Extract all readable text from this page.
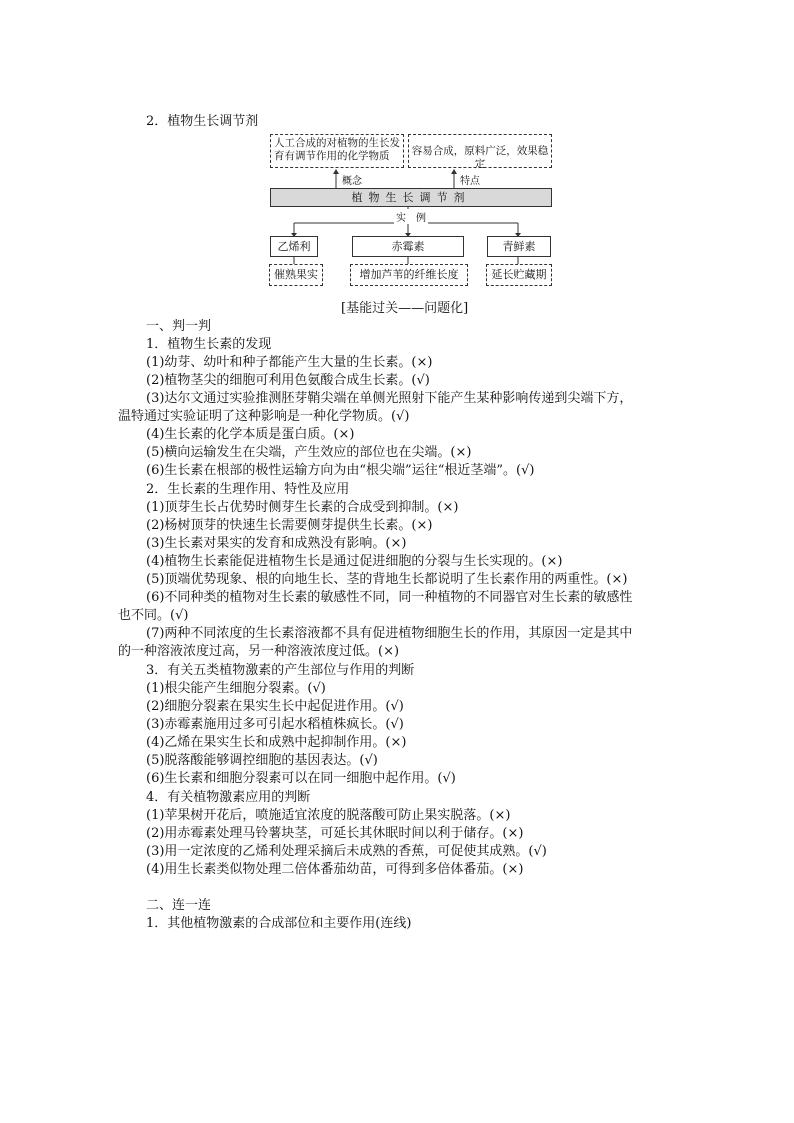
2．植物生长调节剂
人工合成的对植物的生长发
育有调节作用的化学物质	容易合成，原料广泛，效果稳定
概念	特点
植物生长调节剂
实　例
乙烯利	赤霉素	青鲜素
催熟果实	增加芦苇的纤维长度	延长贮藏期
[基能过关——问题化]
一、判一判
1．植物生长素的发现
(1)幼芽、幼叶和种子都能产生大量的生长素。(×)
(2)植物茎尖的细胞可利用色氨酸合成生长素。(√)
(3)达尔文通过实验推测胚芽鞘尖端在单侧光照射下能产生某种影响传递到尖端下方，
温特通过实验证明了这种影响是一种化学物质。(√)
(4)生长素的化学本质是蛋白质。(×)
(5)横向运输发生在尖端，产生效应的部位也在尖端。(×)
(6)生长素在根部的极性运输方向为由“根尖端”运往“根近茎端”。(√)
2．生长素的生理作用、特性及应用
(1)顶芽生长占优势时侧芽生长素的合成受到抑制。(×)
(2)杨树顶芽的快速生长需要侧芽提供生长素。(×)
(3)生长素对果实的发育和成熟没有影响。(×)
(4)植物生长素能促进植物生长是通过促进细胞的分裂与生长实现的。(×)
(5)顶端优势现象、根的向地生长、茎的背地生长都说明了生长素作用的两重性。(×)
(6)不同种类的植物对生长素的敏感性不同，同一种植物的不同器官对生长素的敏感性
也不同。(√)
(7)两种不同浓度的生长素溶液都不具有促进植物细胞生长的作用，其原因一定是其中
的一种溶液浓度过高，另一种溶液浓度过低。(×)
3．有关五类植物激素的产生部位与作用的判断
(1)根尖能产生细胞分裂素。(√)
(2)细胞分裂素在果实生长中起促进作用。(√)
(3)赤霉素施用过多可引起水稻植株疯长。(√)
(4)乙烯在果实生长和成熟中起抑制作用。(×)
(5)脱落酸能够调控细胞的基因表达。(√)
(6)生长素和细胞分裂素可以在同一细胞中起作用。(√)
4．有关植物激素应用的判断
(1)苹果树开花后，喷施适宜浓度的脱落酸可防止果实脱落。(×)
(2)用赤霉素处理马铃薯块茎，可延长其休眠时间以利于储存。(×)
(3)用一定浓度的乙烯利处理采摘后未成熟的香蕉，可促使其成熟。(√)
(4)用生长素类似物处理二倍体番茄幼苗，可得到多倍体番茄。(×)
二、连一连
1．其他植物激素的合成部位和主要作用(连线)
